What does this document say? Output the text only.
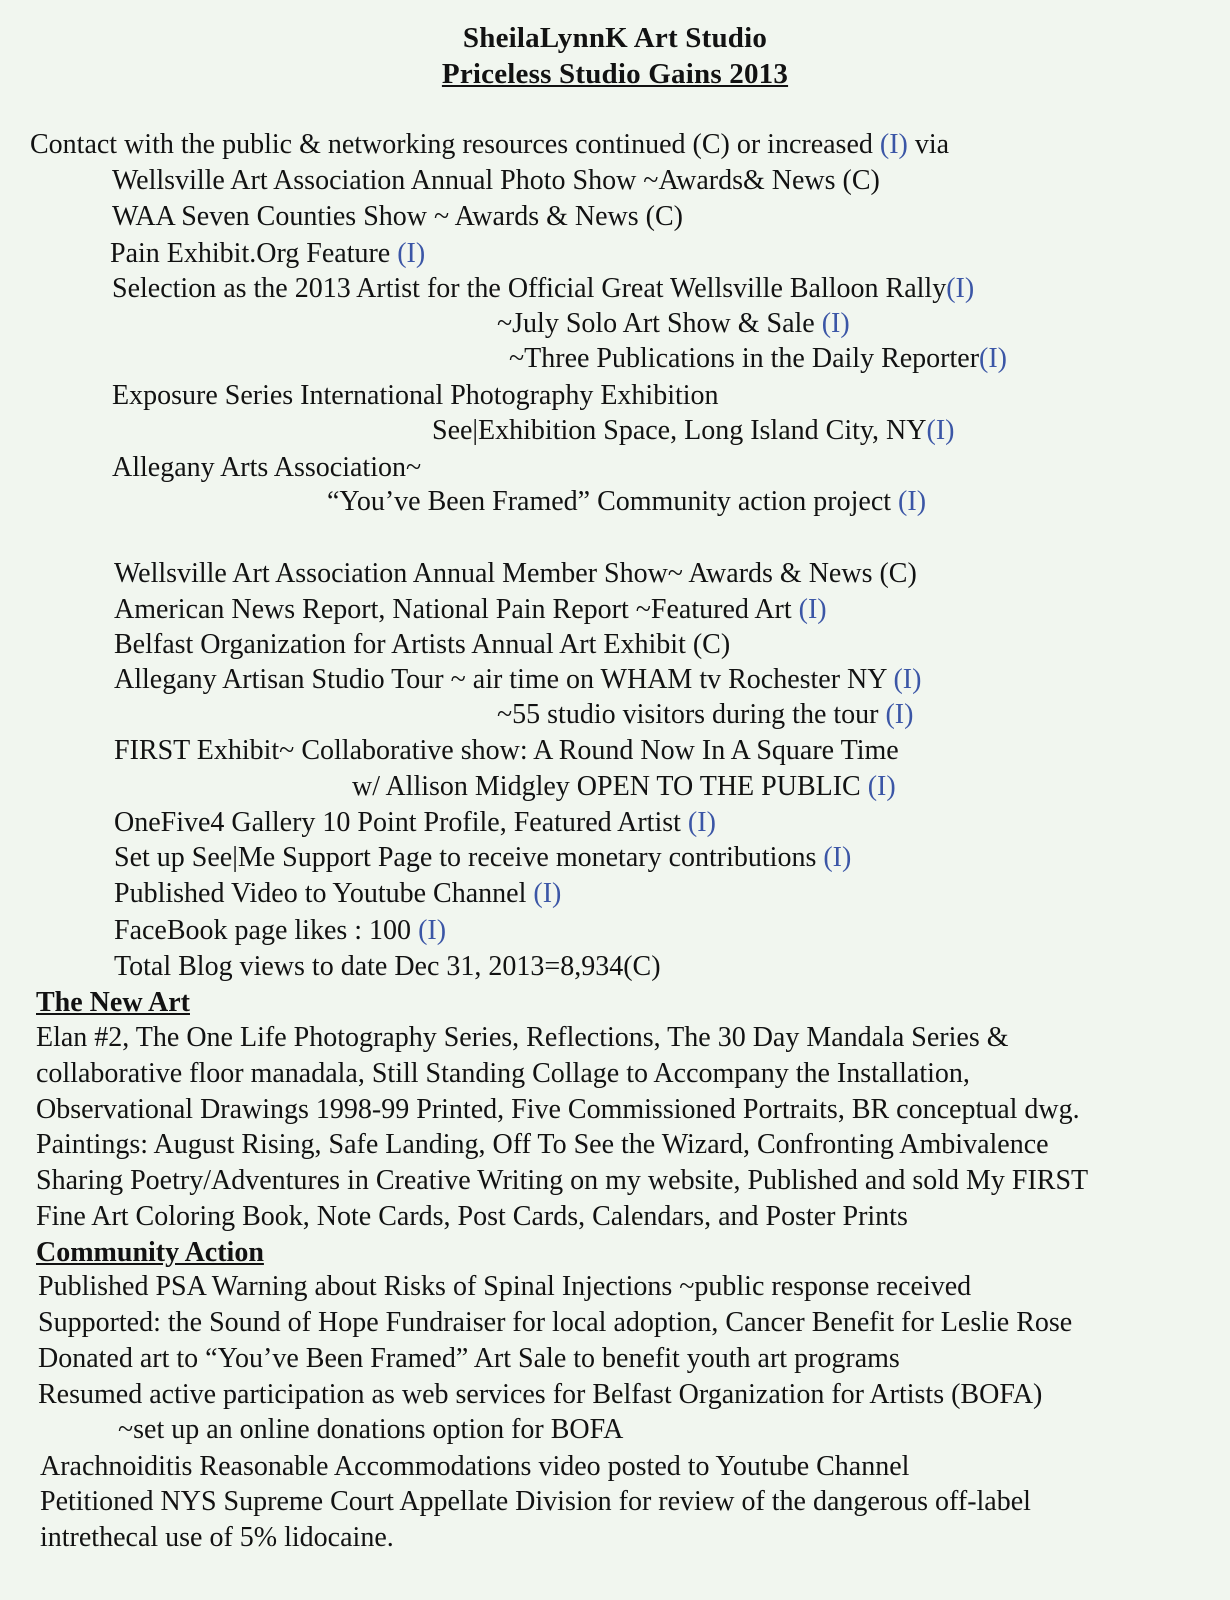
SheilaLynnK Art Studio
Priceless Studio Gains 2013
Contact with the public & networking resources continued (C) or increased (I) via
Wellsville Art Association Annual Photo Show ~Awards& News (C)
WAA Seven Counties Show ~ Awards & News (C)
Pain Exhibit.Org Feature (I)
Selection as the 2013 Artist for the Official Great Wellsville Balloon Rally(I)
~July Solo Art Show & Sale (I)
~Three Publications in the Daily Reporter(I)
Exposure Series International Photography Exhibition
See|Exhibition Space, Long Island City, NY(I)
Allegany Arts Association~
“You’ve Been Framed” Community action project (I)
Wellsville Art Association Annual Member Show~ Awards & News (C)
American News Report, National Pain Report ~Featured Art (I)
Belfast Organization for Artists Annual Art Exhibit (C)
Allegany Artisan Studio Tour ~ air time on WHAM tv Rochester NY (I)
~55 studio visitors during the tour (I)
FIRST Exhibit~ Collaborative show: A Round Now In A Square Time
w/ Allison Midgley OPEN TO THE PUBLIC (I)
OneFive4 Gallery 10 Point Profile, Featured Artist (I)
Set up See|Me Support Page to receive monetary contributions (I)
Published Video to Youtube Channel (I)
FaceBook page likes : 100 (I)
Total Blog views to date Dec 31, 2013=8,934(C)
The New Art
Elan #2, The One Life Photography Series, Reflections, The 30 Day Mandala Series &
collaborative floor manadala, Still Standing Collage to Accompany the Installation,
Observational Drawings 1998-99 Printed, Five Commissioned Portraits, BR conceptual dwg.
Paintings: August Rising, Safe Landing, Off To See the Wizard, Confronting Ambivalence
Sharing Poetry/Adventures in Creative Writing on my website, Published and sold My FIRST
Fine Art Coloring Book, Note Cards, Post Cards, Calendars, and Poster Prints
Community Action
Published PSA Warning about Risks of Spinal Injections ~public response received
Supported: the Sound of Hope Fundraiser for local adoption, Cancer Benefit for Leslie Rose
Donated art to “You’ve Been Framed” Art Sale to benefit youth art programs
Resumed active participation as web services for Belfast Organization for Artists (BOFA)
~set up an online donations option for BOFA
Arachnoiditis Reasonable Accommodations video posted to Youtube Channel
Petitioned NYS Supreme Court Appellate Division for review of the dangerous off-label
intrethecal use of 5% lidocaine.
